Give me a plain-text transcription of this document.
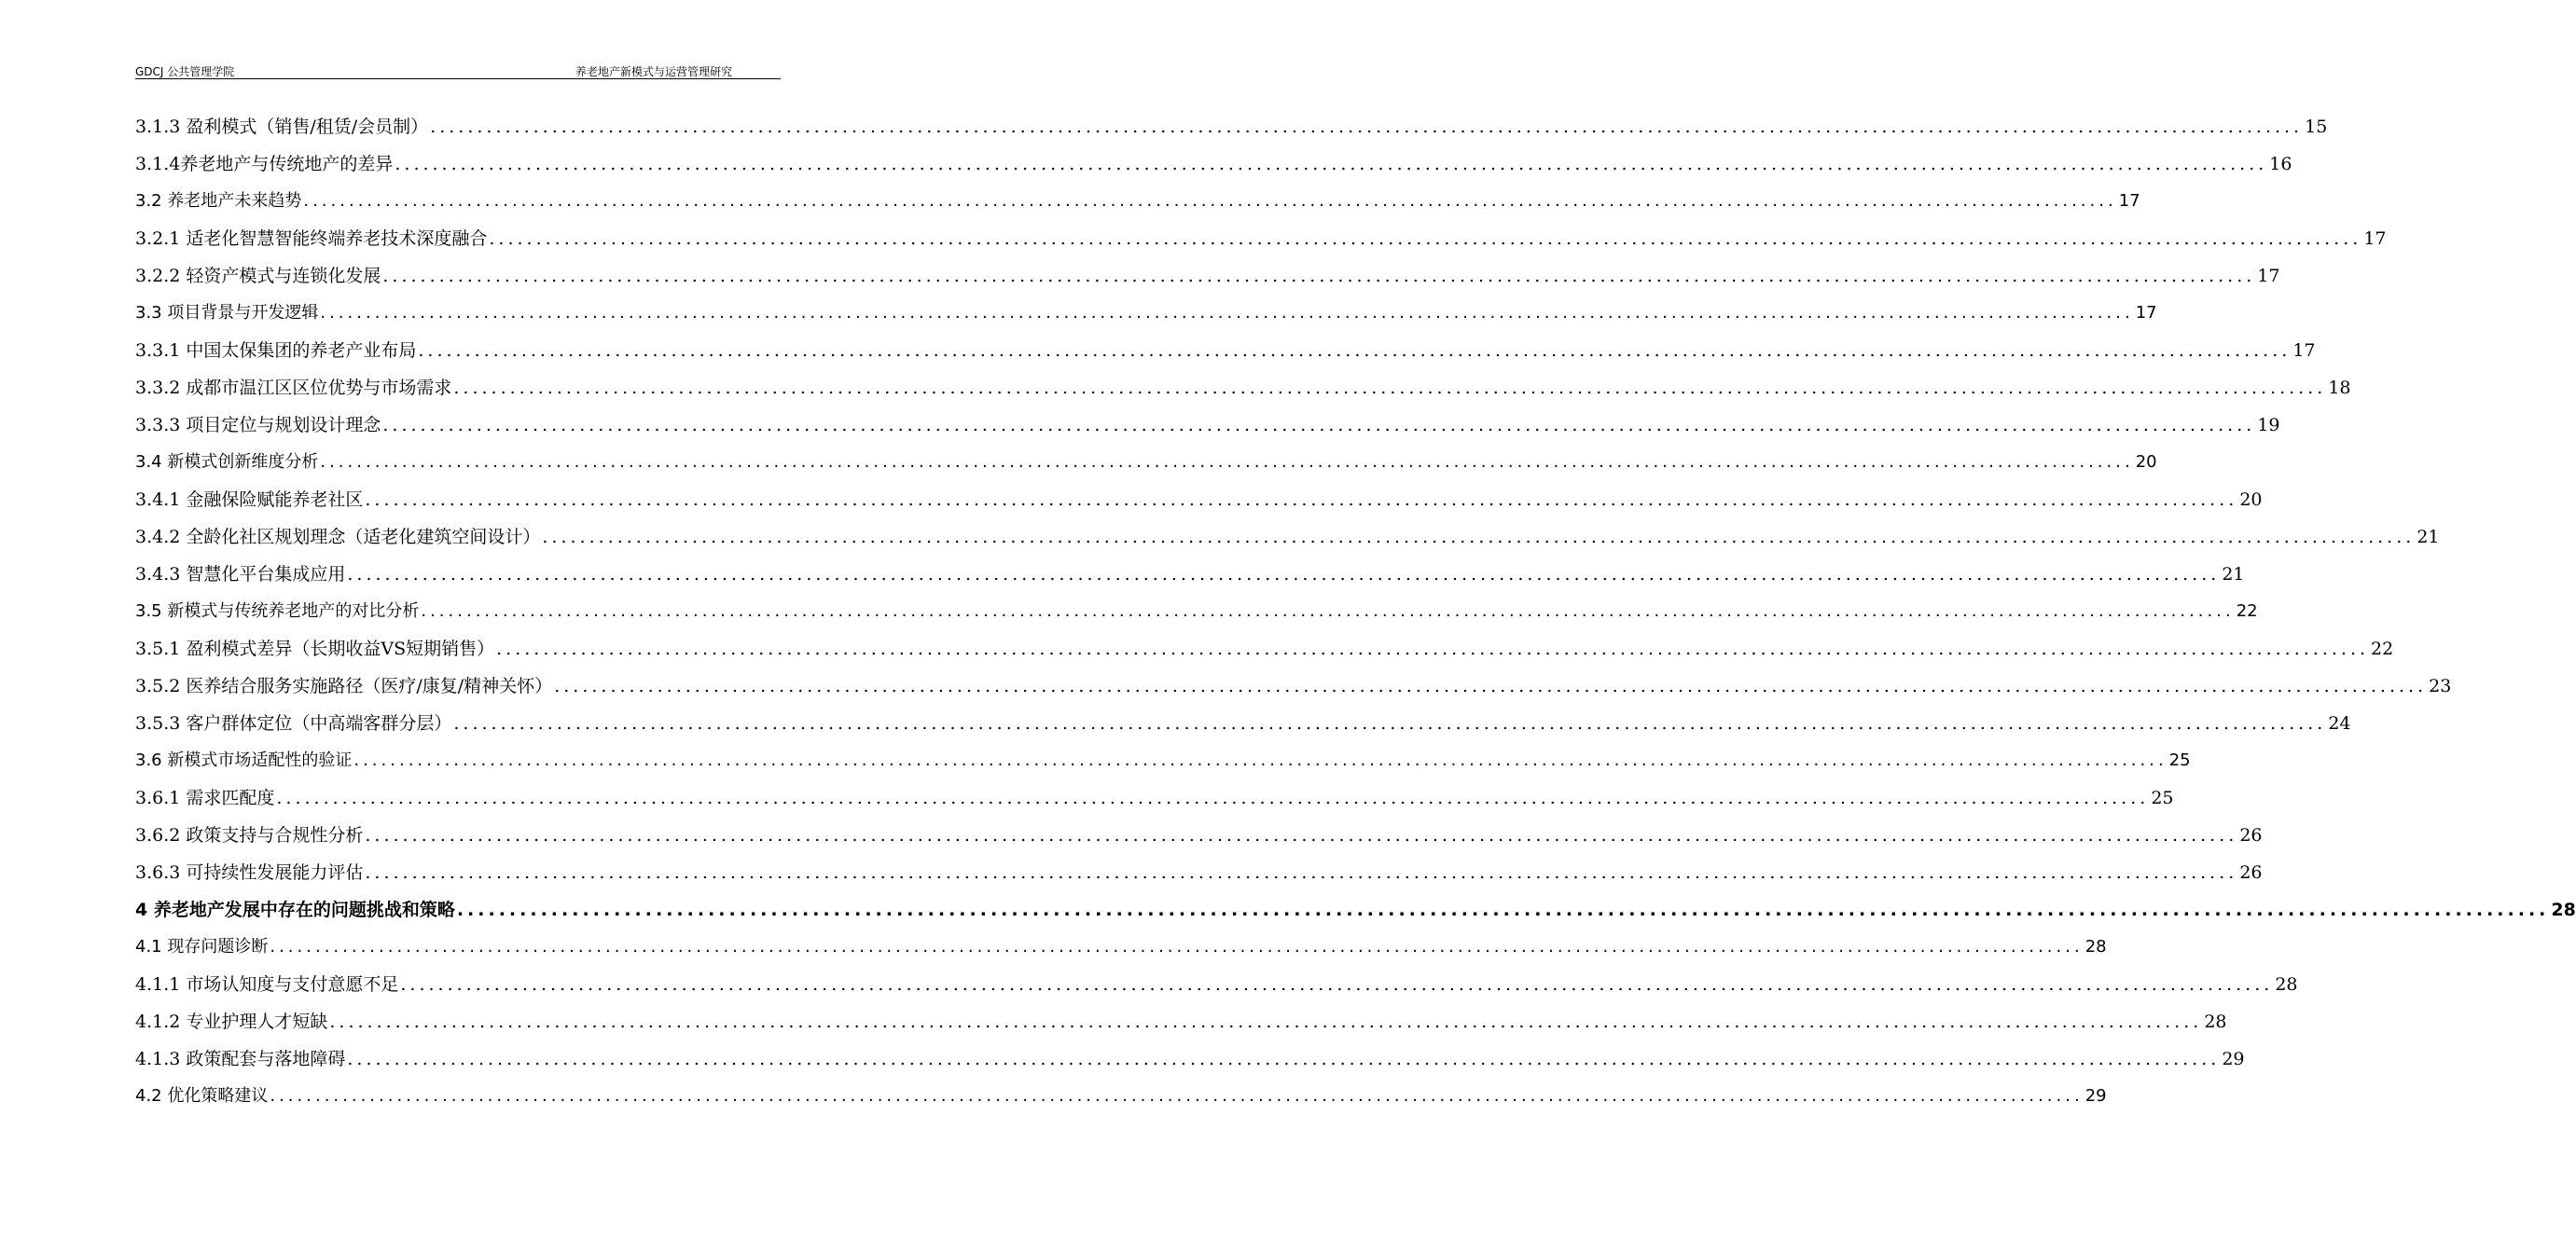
GDCJ 公共管理学院	养老地产新模式与运营管理研究
3.1.3 盈利模式（销售/租赁/会员制） ........................................................................................................................................................................................................ 15
3.1.4养老地产与传统地产的差异 ........................................................................................................................................................................................................ 16
3.2 养老地产未来趋势 ........................................................................................................................................................................................................ 17
3.2.1 适老化智慧智能终端养老技术深度融合 ........................................................................................................................................................................................................ 17
3.2.2 轻资产模式与连锁化发展 ........................................................................................................................................................................................................ 17
3.3 项目背景与开发逻辑 ........................................................................................................................................................................................................ 17
3.3.1 中国太保集团的养老产业布局 ........................................................................................................................................................................................................ 17
3.3.2 成都市温江区区位优势与市场需求 ........................................................................................................................................................................................................ 18
3.3.3 项目定位与规划设计理念 ........................................................................................................................................................................................................ 19
3.4 新模式创新维度分析 ........................................................................................................................................................................................................ 20
3.4.1 金融保险赋能养老社区 ........................................................................................................................................................................................................ 20
3.4.2 全龄化社区规划理念（适老化建筑空间设计） ........................................................................................................................................................................................................ 21
3.4.3 智慧化平台集成应用 ........................................................................................................................................................................................................ 21
3.5 新模式与传统养老地产的对比分析 ........................................................................................................................................................................................................ 22
3.5.1 盈利模式差异（长期收益VS短期销售） ........................................................................................................................................................................................................ 22
3.5.2 医养结合服务实施路径（医疗/康复/精神关怀） ........................................................................................................................................................................................................ 23
3.5.3 客户群体定位（中高端客群分层） ........................................................................................................................................................................................................ 24
3.6 新模式市场适配性的验证 ........................................................................................................................................................................................................ 25
3.6.1 需求匹配度 ........................................................................................................................................................................................................ 25
3.6.2 政策支持与合规性分析 ........................................................................................................................................................................................................ 26
3.6.3 可持续性发展能力评估 ........................................................................................................................................................................................................ 26
4 养老地产发展中存在的问题挑战和策略 ........................................................................................................................................................................................................ 28
4.1 现存问题诊断 ........................................................................................................................................................................................................ 28
4.1.1 市场认知度与支付意愿不足 ........................................................................................................................................................................................................ 28
4.1.2 专业护理人才短缺 ........................................................................................................................................................................................................ 28
4.1.3 政策配套与落地障碍 ........................................................................................................................................................................................................ 29
4.2 优化策略建议 ........................................................................................................................................................................................................ 29
